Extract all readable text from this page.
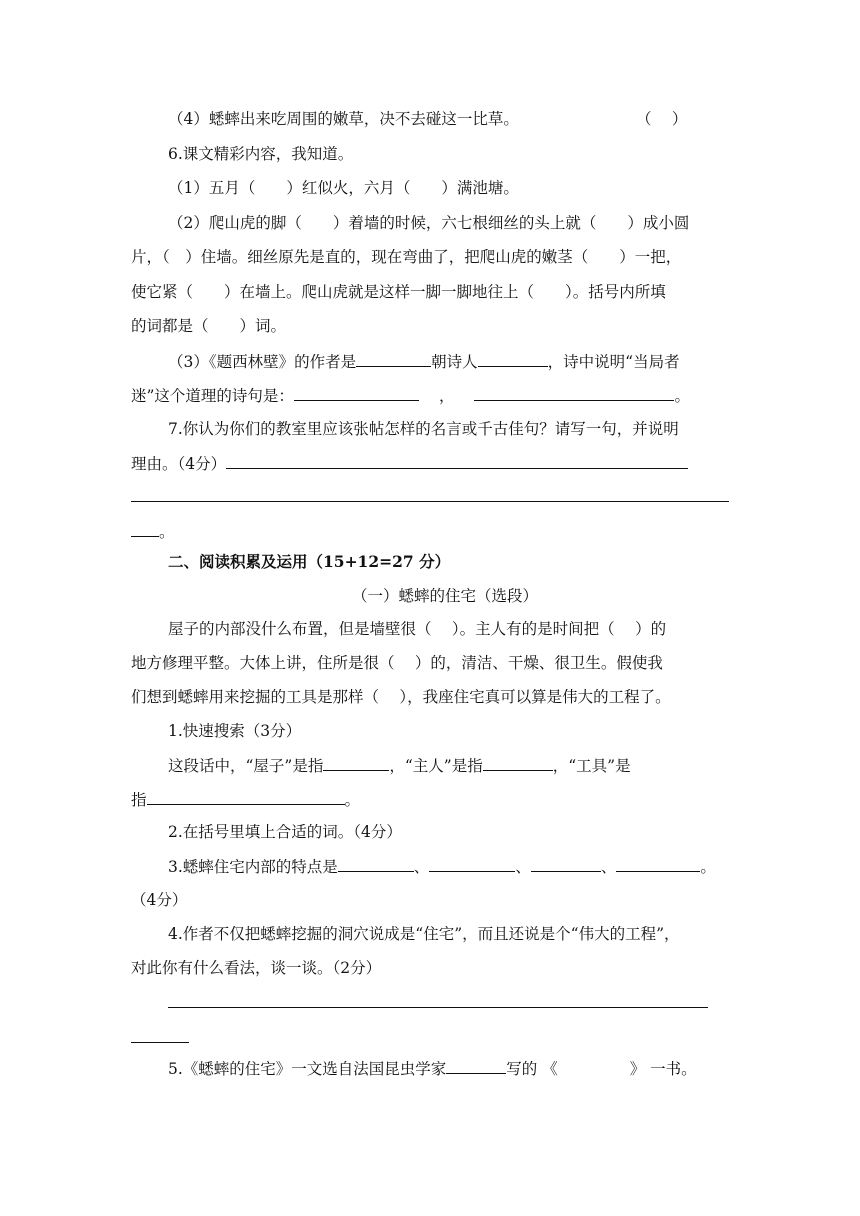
（4）蟋蟀出来吃周围的嫩草，决不去碰这一比草。	（　 ）
6.课文精彩内容，我知道。
（1）五月（　　）红似火，六月（　　）满池塘。
（2）爬山虎的脚（　　）着墙的时候，六七根细丝的头上就（　　）成小圆
片，（　）住墙。细丝原先是直的，现在弯曲了，把爬山虎的嫩茎（　　）一把，
使它紧（　　）在墙上。爬山虎就是这样一脚一脚地往上（　　）。括号内所填
的词都是（　　）词。
（3）《题西林壁》的作者是	朝诗人	，诗中说明“当局者
迷”这个道理的诗句是：	，	。
7.你认为你们的教室里应该张帖怎样的名言或千古佳句？请写一句，并说明
理由。（4分）
。
二、阅读积累及运用（15+12=27 分）
（一）蟋蟀的住宅（选段）
屋子的内部没什么布置，但是墙壁很（　 ）。主人有的是时间把（　 ）的
地方修理平整。大体上讲，住所是很（　 ）的，清洁、干燥、很卫生。假使我
们想到蟋蟀用来挖掘的工具是那样（　 ），我座住宅真可以算是伟大的工程了。
1.快速搜索（3分）
这段话中，“屋子”是指	，“主人”是指	，“工具”是
指	。
2.在括号里填上合适的词。（4分）
3.蟋蟀住宅内部的特点是	、	、	、	。
（4分）
4.作者不仅把蟋蟀挖掘的洞穴说成是“住宅”，而且还说是个“伟大的工程”，
对此你有什么看法，谈一谈。（2分）
5.《蟋蟀的住宅》一文选自法国昆虫学家	写的 《	》 一书。
